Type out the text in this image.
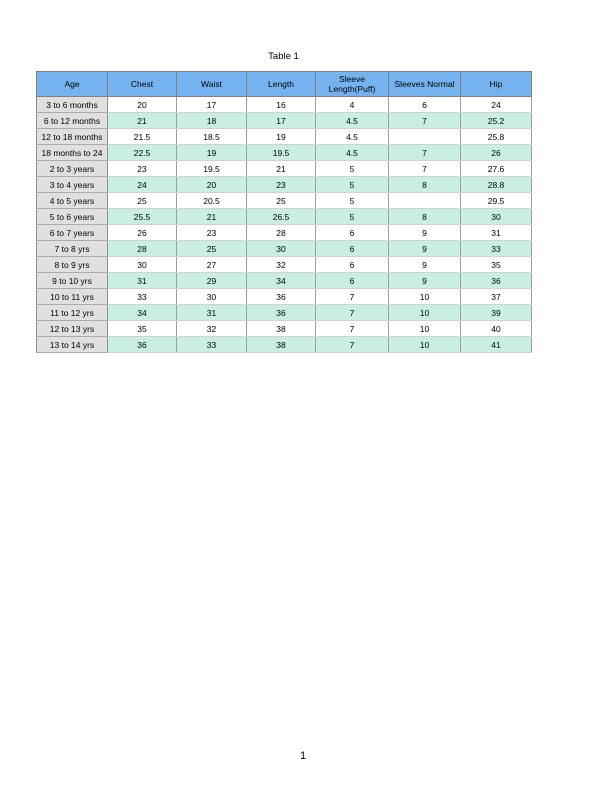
Table 1
Age	Chest	Waist	Length	Sleeve Length(Puff)	Sleeves Normal	Hip
3 to 6 months	20	17	16	4	6	24
6 to 12 months	21	18	17	4.5	7	25.2
12 to 18 months	21.5	18.5	19	4.5		25.8
18 months to 24	22.5	19	19.5	4.5	7	26
2 to 3 years	23	19.5	21	5	7	27.6
3 to 4 years	24	20	23	5	8	28.8
4 to 5 years	25	20.5	25	5		29.5
5 to 6 years	25.5	21	26.5	5	8	30
6 to 7 years	26	23	28	6	9	31
7 to 8 yrs	28	25	30	6	9	33
8 to 9 yrs	30	27	32	6	9	35
9 to 10 yrs	31	29	34	6	9	36
10 to 11 yrs	33	30	36	7	10	37
11 to 12 yrs	34	31	36	7	10	39
12 to 13 yrs	35	32	38	7	10	40
13 to 14 yrs	36	33	38	7	10	41
1
